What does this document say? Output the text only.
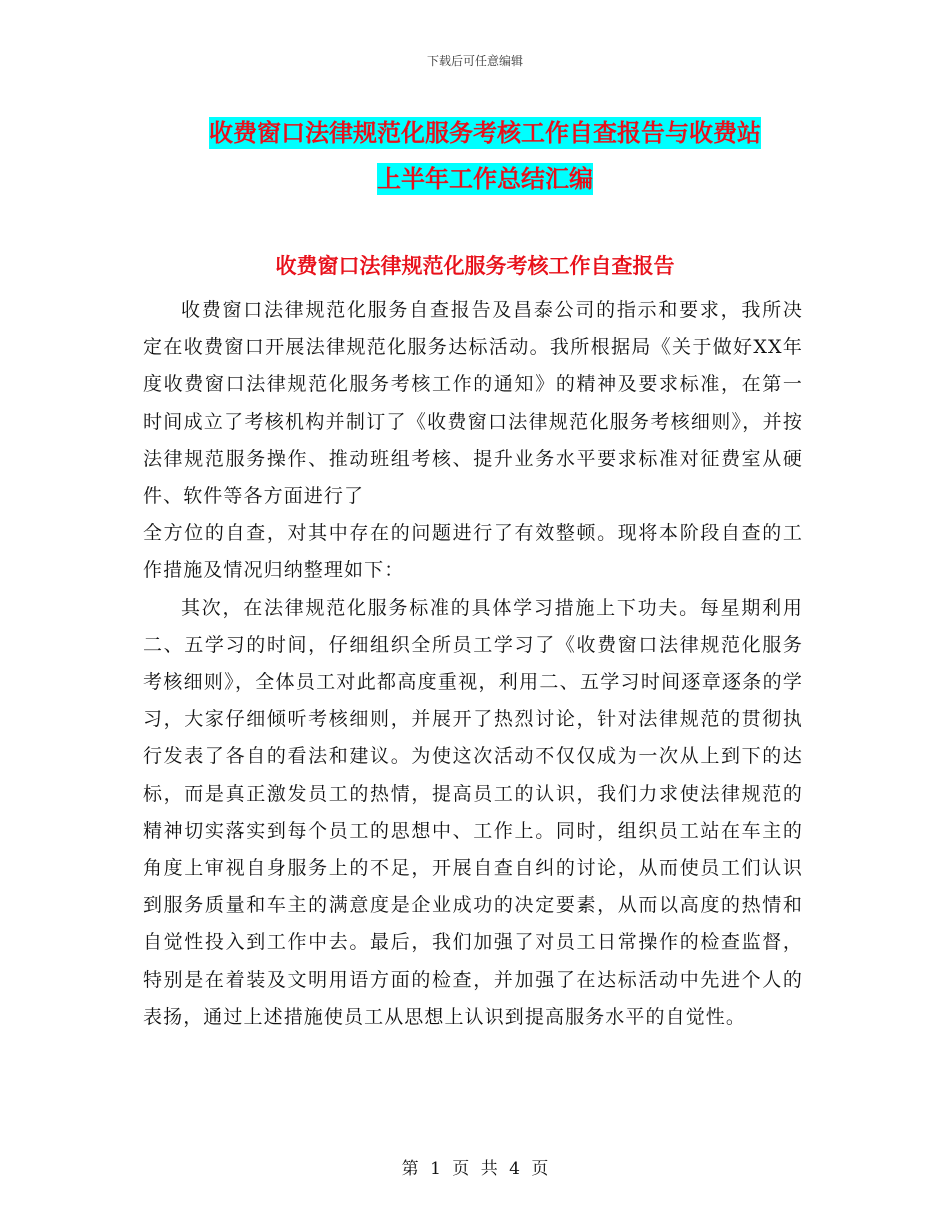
下载后可任意编辑
收费窗口法律规范化服务考核工作自查报告与收费站
上半年工作总结汇编
收费窗口法律规范化服务考核工作自查报告

收费窗口法律规范化服务自查报告及昌泰公司的指示和要求，我所决定在收费窗口开展法律规范化服务达标活动。我所根据局《关于做好XX年度收费窗口法律规范化服务考核工作的通知》的精神及要求标准，在第一时间成立了考核机构并制订了《收费窗口法律规范化服务考核细则》，并按法律规范服务操作、推动班组考核、提升业务水平要求标准对征费室从硬件、软件等各方面进行了

全方位的自查，对其中存在的问题进行了有效整顿。现将本阶段自查的工作措施及情况归纳整理如下：

其次，在法律规范化服务标准的具体学习措施上下功夫。每星期利用二、五学习的时间，仔细组织全所员工学习了《收费窗口法律规范化服务考核细则》，全体员工对此都高度重视，利用二、五学习时间逐章逐条的学习，大家仔细倾听考核细则，并展开了热烈讨论，针对法律规范的贯彻执行发表了各自的看法和建议。为使这次活动不仅仅成为一次从上到下的达标，而是真正激发员工的热情，提高员工的认识，我们力求使法律规范的精神切实落实到每个员工的思想中、工作上。同时，组织员工站在车主的角度上审视自身服务上的不足，开展自查自纠的讨论，从而使员工们认识到服务质量和车主的满意度是企业成功的决定要素，从而以高度的热情和自觉性投入到工作中去。最后，我们加强了对员工日常操作的检查监督，特别是在着装及文明用语方面的检查，并加强了在达标活动中先进个人的表扬，通过上述措施使员工从思想上认识到提高服务水平的自觉性。

第 1 页 共 4 页
